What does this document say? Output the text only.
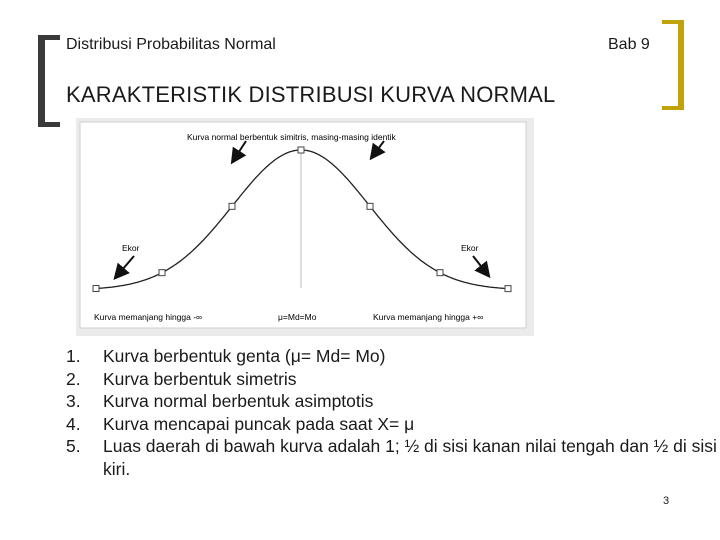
Distribusi Probabilitas Normal	Bab 9
KARAKTERISTIK DISTRIBUSI KURVA NORMAL
Kurva normal berbentuk simitris, masing-masing identik
Ekor	Ekor
Kurva memanjang hingga -∞	μ=Md=Mo	Kurva memanjang hingga +∞
1.	Kurva berbentuk genta (μ= Md= Mo)
2.	Kurva berbentuk simetris
3.	Kurva normal berbentuk asimptotis
4.	Kurva mencapai puncak pada saat X= μ
5.	Luas daerah di bawah kurva adalah 1; ½ di sisi kanan nilai tengah dan ½ di sisi kiri.
3
